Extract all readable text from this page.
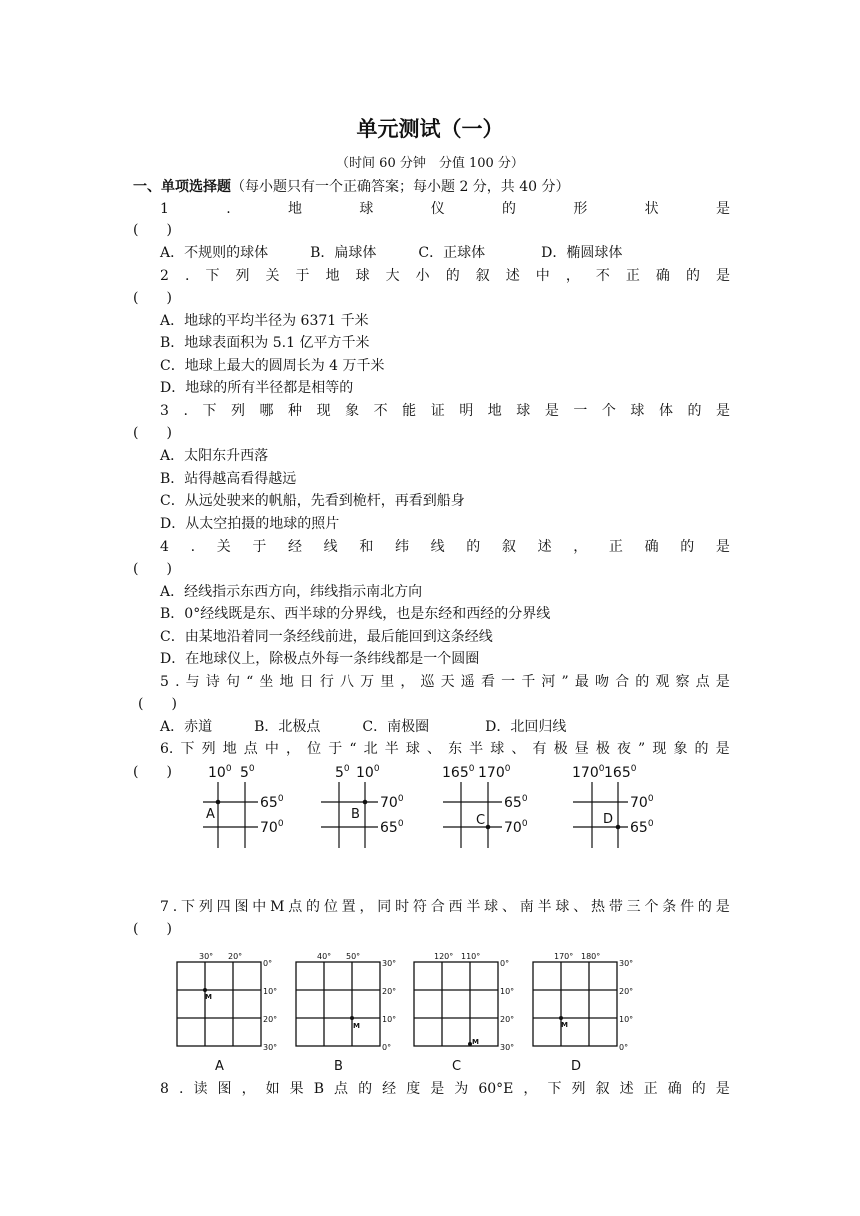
单元测试（一）
（时间 60 分钟　分值 100 分）
一、单项选择题（每小题只有一个正确答案；每小题 2 分，共 40 分）
1	.	地	球	仪	的	形	状	是
(　　)
A．不规则的球体　　　B．扁球体　　　C．正球体　　　　D．椭圆球体
2 . 下 列 关 于 地 球 大 小 的 叙 述 中 ， 不 正 确 的 是
(　　)
A．地球的平均半径为 6371 千米
B．地球表面积为 5.1 亿平方千米
C．地球上最大的圆周长为 4 万千米
D．地球的所有半径都是相等的
3 . 下 列 哪 种 现 象 不 能 证 明 地 球 是 一 个 球 体 的 是
(　　)
A．太阳东升西落
B．站得越高看得越远
C．从远处驶来的帆船，先看到桅杆，再看到船身
D．从太空拍摄的地球的照片
4 . 关 于 经 线 和 纬 线 的 叙 述 ， 正 确 的 是
(　　)
A．经线指示东西方向，纬线指示南北方向
B．0°经线既是东、西半球的分界线，也是东经和西经的分界线
C．由某地沿着同一条经线前进，最后能回到这条经线
D．在地球仪上，除极点外每一条纬线都是一个圆圈
5 . 与 诗 句 “ 坐 地 日 行 八 万 里 ， 巡 天 遥 看 一 千 河 ” 最 吻 合 的 观 察 点 是
(　　)
A．赤道　　　B．北极点　　　C．南极圈　　　　D．北回归线
6. 下 列 地 点 中 ， 位 于 “ 北 半 球 、 东 半 球 、 有 极 昼 极 夜 ” 现 象 的 是
(　　)	$10^0$ $5^0$
A
$65^0$
$70^0$
$5^0$ $10^0$
B
$70^0$
$65^0$
$165^0$ $170^0$
C
$65^0$
$70^0$
$170^0$ $165^0$
D
$70^0$
$65^0$
7 . 下 列 四 图 中 M 点 的 位 置 ， 同 时 符 合 西 半 球 、 南 半 球 、 热 带 三 个 条 件 的 是
(　　)
30° 20°
M
0°
10°
20°
30°
A
40° 50°
M
30°
20°
10°
0°
B
120° 110°
M
0°
10°
20°
30°
C
170° 180°
M
30°
20°
10°
0°
D
8 . 读 图 ， 如 果 B 点 的 经 度 是 为 60°E ， 下 列 叙 述 正 确 的 是
